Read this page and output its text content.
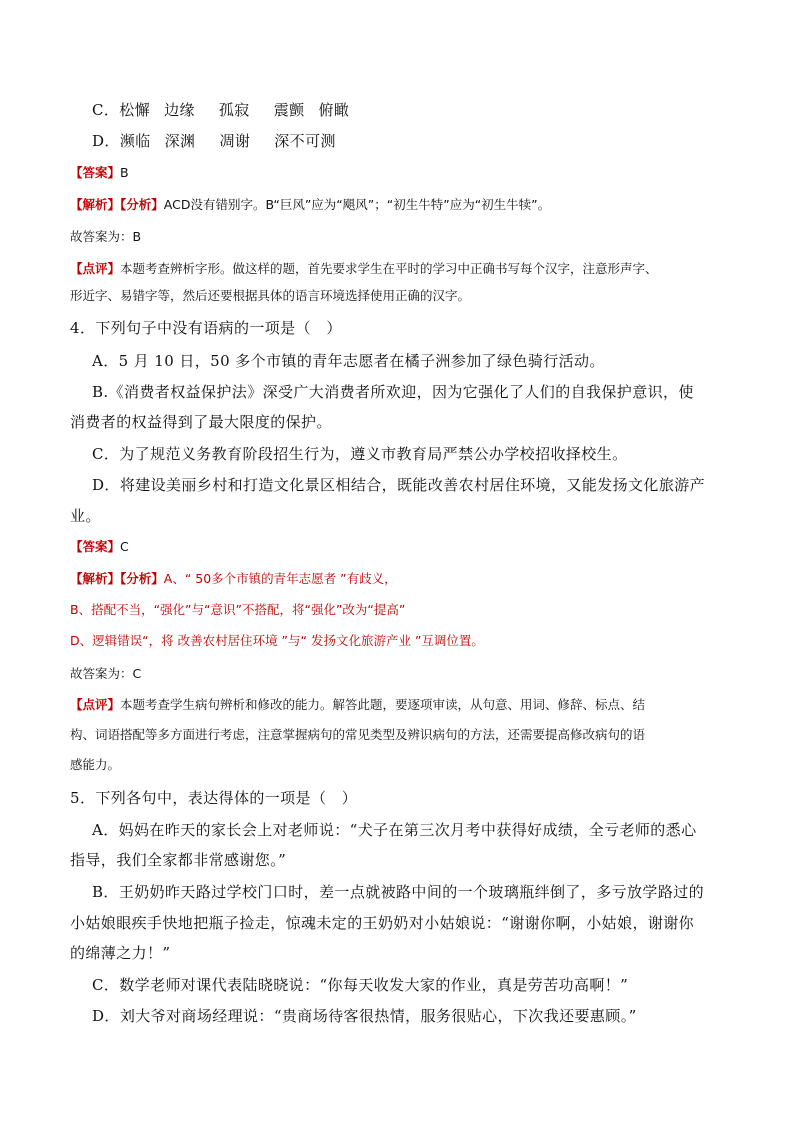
C．松懈 边缘 孤寂 震颤 俯瞰
D．濒临 深渊 凋谢 深不可测
【答案】B
【解析】【分析】ACD没有错别字。B“巨风”应为“飓风”；“初生牛特”应为“初生牛犊”。
故答案为：B
【点评】本题考查辨析字形。做这样的题，首先要求学生在平时的学习中正确书写每个汉字，注意形声字、
形近字、易错字等，然后还要根据具体的语言环境选择使用正确的汉字。
4．下列句子中没有语病的一项是（　）
A．5 月 10 日，50 多个市镇的青年志愿者在橘子洲参加了绿色骑行活动。
B.《消费者权益保护法》深受广大消费者所欢迎，因为它强化了人们的自我保护意识，使
消费者的权益得到了最大限度的保护。
C．为了规范义务教育阶段招生行为，遵义市教育局严禁公办学校招收择校生。
D．将建设美丽乡村和打造文化景区相结合，既能改善农村居住环境，又能发扬文化旅游产
业。
【答案】C
【解析】【分析】A、“ 50多个市镇的青年志愿者 ”有歧义，
B、搭配不当，“强化”与“意识”不搭配，将“强化”改为“提高”
D、逻辑错误“，将 改善农村居住环境 ”与“ 发扬文化旅游产业 ”互调位置。
故答案为：C
【点评】本题考查学生病句辨析和修改的能力。解答此题，要逐项审读，从句意、用词、修辞、标点、结
构、词语搭配等多方面进行考虑，注意掌握病句的常见类型及辨识病句的方法，还需要提高修改病句的语
感能力。
5．下列各句中，表达得体的一项是（　）
A．妈妈在昨天的家长会上对老师说：“犬子在第三次月考中获得好成绩，全亏老师的悉心
指导，我们全家都非常感谢您。”
B．王奶奶昨天路过学校门口时，差一点就被路中间的一个玻璃瓶绊倒了，多亏放学路过的
小姑娘眼疾手快地把瓶子捡走，惊魂未定的王奶奶对小姑娘说：“谢谢你啊，小姑娘，谢谢你
的绵薄之力！”
C．数学老师对课代表陆晓晓说：“你每天收发大家的作业，真是劳苦功高啊！”
D．刘大爷对商场经理说：“贵商场待客很热情，服务很贴心，下次我还要惠顾。”
